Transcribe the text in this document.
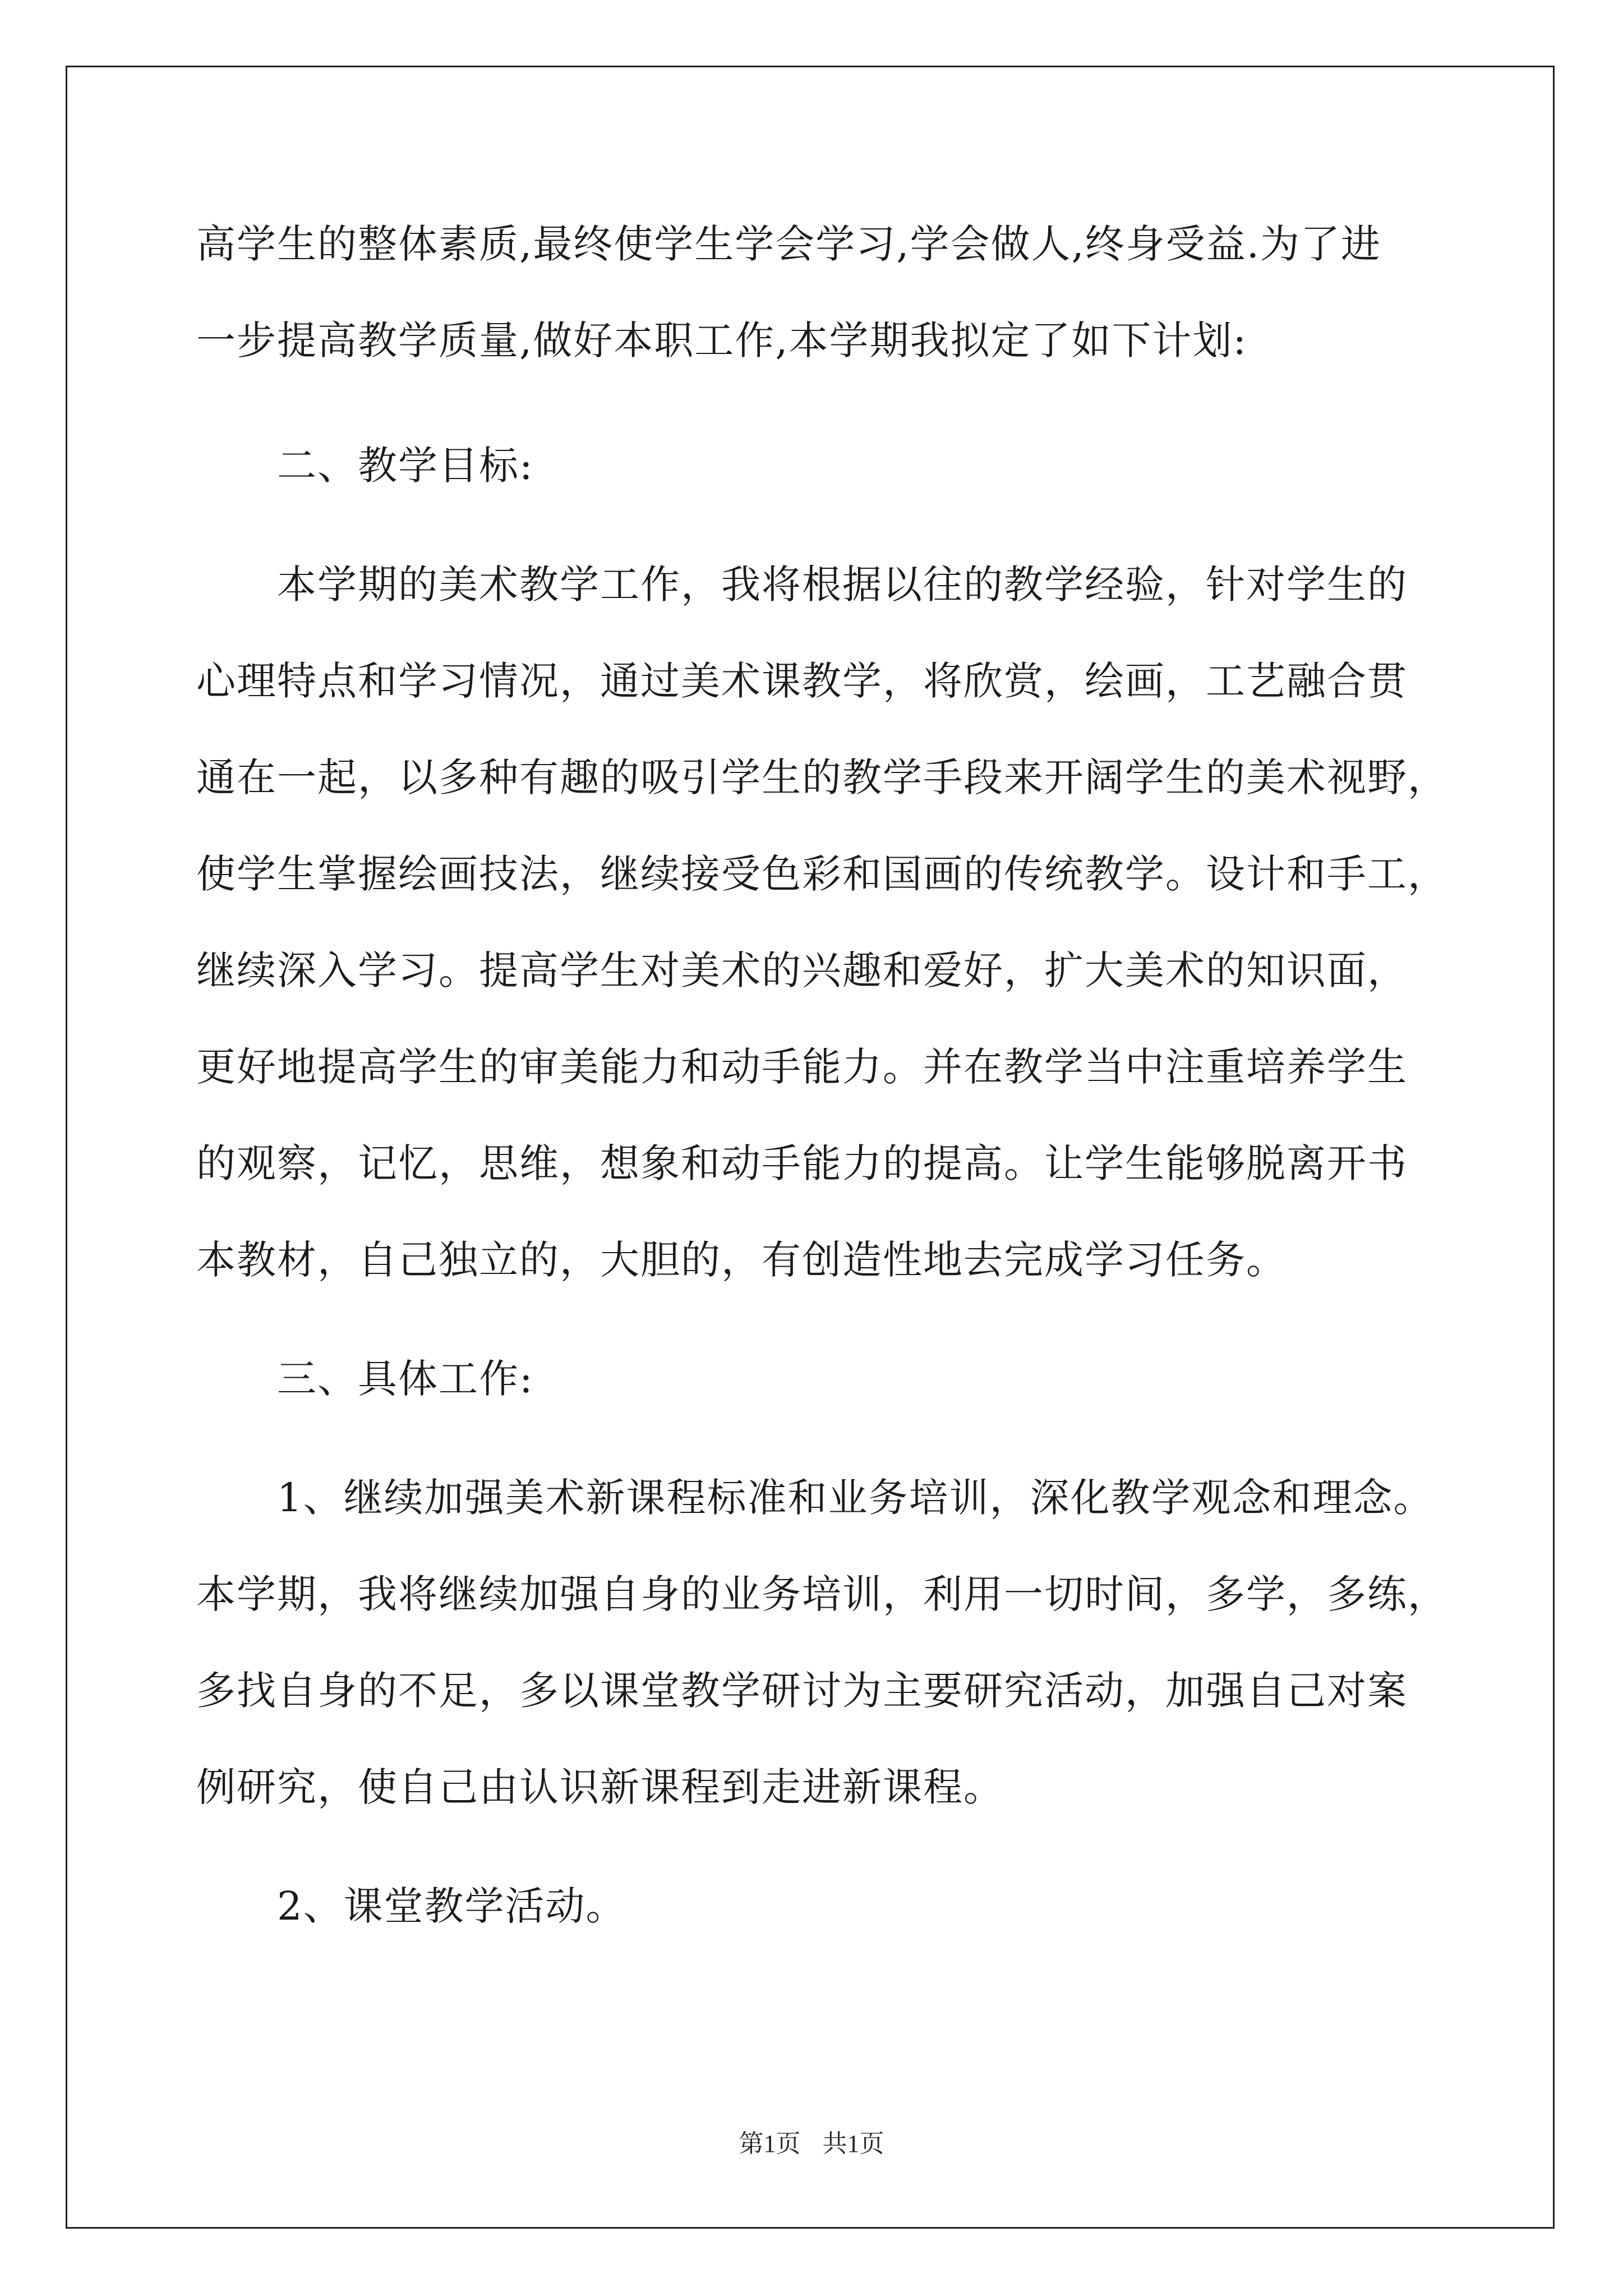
高学生的整体素质,最终使学生学会学习,学会做人,终身受益.为了进
一步提高教学质量,做好本职工作,本学期我拟定了如下计划:
二、教学目标:
本学期的美术教学工作，我将根据以往的教学经验，针对学生的
心理特点和学习情况，通过美术课教学，将欣赏，绘画，工艺融合贯
通在一起，以多种有趣的吸引学生的教学手段来开阔学生的美术视野，
使学生掌握绘画技法，继续接受色彩和国画的传统教学。设计和手工，
继续深入学习。提高学生对美术的兴趣和爱好，扩大美术的知识面，
更好地提高学生的审美能力和动手能力。并在教学当中注重培养学生
的观察，记忆，思维，想象和动手能力的提高。让学生能够脱离开书
本教材，自己独立的，大胆的，有创造性地去完成学习任务。
三、具体工作:
1、继续加强美术新课程标准和业务培训，深化教学观念和理念。
本学期，我将继续加强自身的业务培训，利用一切时间，多学，多练，
多找自身的不足，多以课堂教学研讨为主要研究活动，加强自己对案
例研究，使自己由认识新课程到走进新课程。
2、课堂教学活动。
第1页 共1页
